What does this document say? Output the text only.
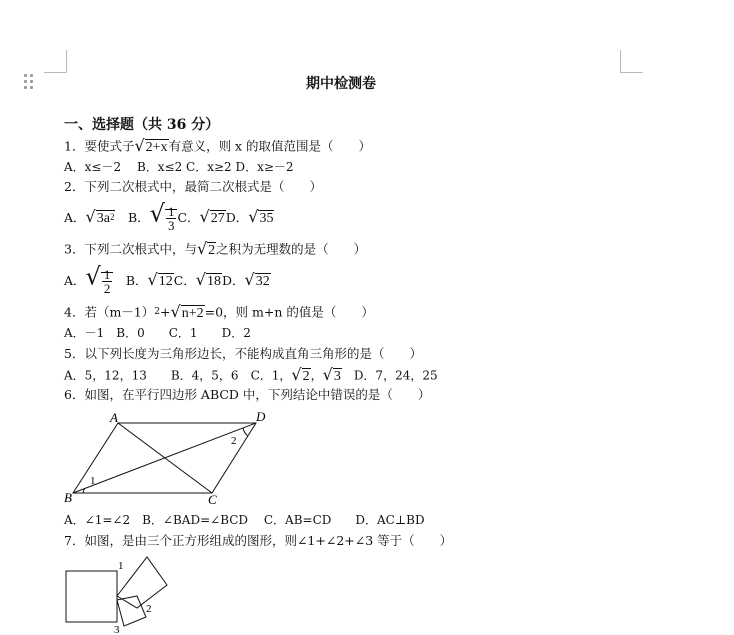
期中检测卷
一、选择题（共 36 分）
1．要使式子√2+x有意义，则 x 的取值范围是（　　）
A．x≤－2　 B．x≤2 C．x≥2 D．x≥－2
2．下列二次根式中，最简二次根式是（　　）
A． $√3a^2$ 　B． √ $\frac{1}{3}$ C． √27 D． √35
3．下列二次根式中，与√2之积为无理数的是（　　）
A． √ $\frac{1}{2}$ 　B． √12 C． √18 D． √32
4．若$(m-1)^2+√n+2=0$，则 m+n 的值是（　　）
A．－1　B．0　　C．1　　D．2
5．以下列长度为三角形边长，不能构成直角三角形的是（　　）
A．5，12，13　　B．4，5，6　C．1，√2，√3　D．7，24，25
6．如图，在平行四边形 ABCD 中，下列结论中错误的是（　　）
A	D
B	C
1
2
A．∠1=∠2　B．∠BAD=∠BCD　 C．AB=CD　　D．AC⊥BD
7．如图，是由三个正方形组成的图形，则∠1+∠2+∠3 等于（　　）
1
2
3
